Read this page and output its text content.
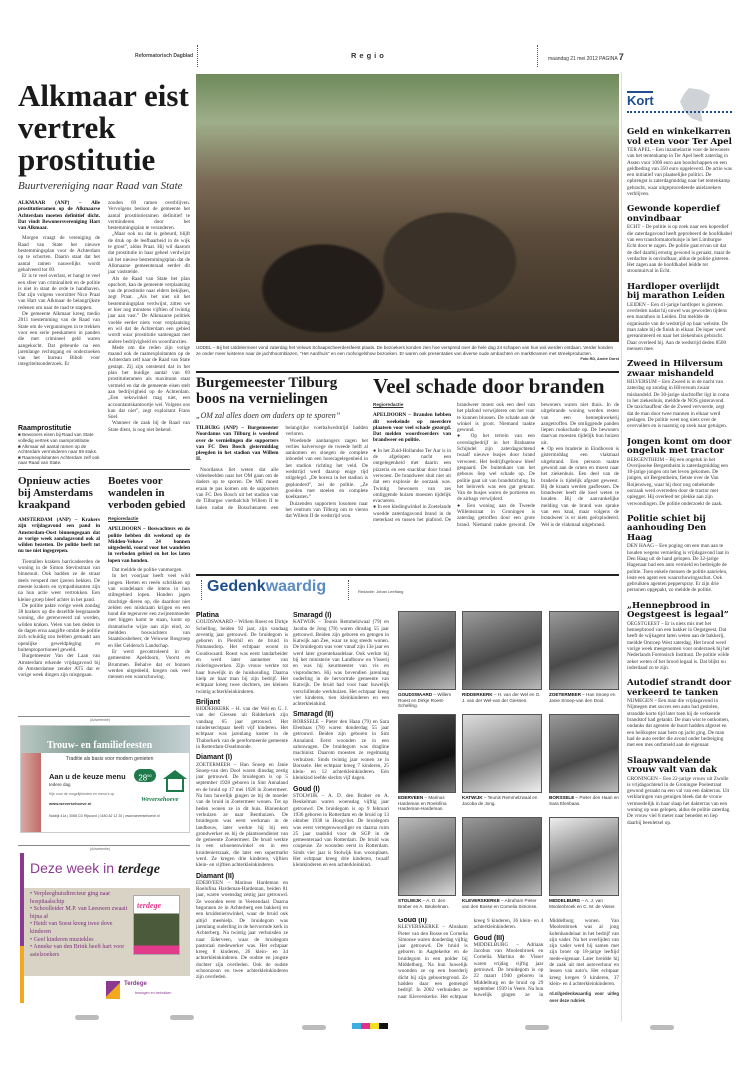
Reformatorisch Dagblad	Regio	maandag 21 mei 2012 PAGINA 7
Alkmaar eist vertrek prostitutie
Buurtvereniging naar Raad van State
ALKMAAR (ANP) – Alle prostitutieramen op de Alkmaarse Achterdam moeten definitief dicht. Dat vindt Bewonersvereniging Hart van Alkmaar.

Morgen vraagt de vereniging de Raad van State het nieuwe bestemmingsplan voor de Achterdam op te schorten. Daarin staat dat het aantal ramen nauwelijks wordt gehalveerd tot 69.

Er is te veel overlast, er hangt te veel een sfeer van criminaliteit en de politie is niet in staat de orde te handhaven. Dat zijn volgens voorzitter Nico Praat van Hart van Alkmaar de belangrijkste redenen om naar de raad te stappen.

De gemeente Alkmaar kreeg medio 2011 toestemming van de Raad van State om de vergunningen in te trekken voor een serie peeskamers in panden die met crimineel geld waren aangekocht. Dat gebeurde na een jarenlange rechtsgang en onderzoeken van het bureau Bibob voor integriteitsonderzoek. Er

Raamprostitutie
■ Bewoners eisen bij Raad van State volledig vertrek van raamprostitutie.
■ Alkmaar wil aantal ramen op de Achterdam verminderen naar 69 stuks.
■ Raamexploitanten Achterdam zelf ook naar Raad van State.

zouden 69 ramen overblijven. Vervolgens besloot de gemeente het aantal prostitutieramen definitief te verminderen door het bestemmingsplan te veranderen.

„Maar ook nu dat is gebeurd, blijft de druk op de leefbaarheid in de wijk te groot”, aldus Praat. Hij wil daarom dat prostitutie in haar geheel verdwijnt uit het nieuwe bestemmingsplan dat de Alkmaarse gemeenteraad eerder dit jaar vaststelde.

Als de Raad van State het plan opschort, kan de gemeente verplaatsing van de prostitutie naar elders bekijken, zegt Praat. „Als het niet uit het bestemmingsplan verdwijnt, zitten we er hier nog minstens vijftien of twintig jaar aan vast.” De Alkmaarse politiek voelde eerder niets voor verplaatsing en wil dat de Achterdam een gebied wordt waar prostitutie samengaat met andere bedrijvigheid en woonfuncties.

Mede om die reden zijn vorige maand ook de raamexploitanten op de Achterdam zelf naar de Raad van State gestapt. Zij zijn ontstemd dat in het plan het huidige aantal van 69 prostitutieramen als maximum staat vermeld en dat de gemeente eisen stelt aan bedrijvigheid op de Achterdam. „Een sekswinkel mag niet, een accountantskantoortje wel. Volgens ons kan dat niet”, zegt exploitant Frans Snel.

Wanneer de zaak bij de Raad van State dient, is nog niet bekend.

Opnieuw acties bij Amsterdams kraakpand
AMSTERDAM (ANP) – Krakers zijn vrijdagavond een pand in Amsterdam-Oost binnengegaan dat ze vorige week zondagavond ook al wilden bezetten. De politie heeft tot nu toe niet ingegrepen.

Tientallen krakers barricadeerden de woning in de Simon Stevinstraat van binnenuit. Ook hadden ze de straat deels versperd met ijzeren hekken. De meeste krakers en sympathisanten zijn na hun actie weer vertrokken. Een kleine groep bleef achter in het pand.

De politie pakte vorige week zondag 38 krakers op die dezelfde leegstaande woning, die gerenoveerd zal worden, wilden kraken. Velen van hen deden in de dagen erna aangifte omdat de politie zich schuldig zou hebben gemaakt aan openlijke geweldpleging en buitenproportioneel geweld.

Burgemeester Van der Laan van Amsterdam erkende vrijdagavond bij de Amsterdamse zender AT5 dat er vorige week dingen zijn misgegaan.

Boetes voor wandelen in verboden gebied
Regioredactie
APELDOORN – Boswachters en de politie hebben dit weekend op de Midden-Veluwe 24 bonnen uitgedeeld, vooral voor het wandelen in verboden gebied en het los laten lopen van honden.

Dat meldde de politie vanmorgen.

In het voorjaar heeft veel wild jongen. Herten en reeën schrikken op van wandelaars die intens in hun stiltegebied lopen. Honden jagen drachtige dieren op, die daardoor niet zelden een miskraam krijgen en een hond die tegenover een zwijnenmoeder met biggen komt te staan, komt op dramatische wijze aan zijn eind, zo meldden boswachters van Staatsbosbeheer, de Veluwse Bosgroep en Het Geldersch Landschap.

Er werd gecontroleerd in de gemeenten Apeldoorn, Voorst en Brummen. Behalve dat er bonnen werden uitgedeeld, kregen ook veel mensen een waarschuwing.

(Advertentie)
Trouw- en familiefeesten
Traditie als basis voor modern genieten
Aan u de keuze menu
Iedere dag
$28^{50}$
Kijk voor de mogelijkheden en menu's op
www.weversehoeve.nl
Weversehoeve
Noldijk 41a | 3068 CD Rijsoord | 0180-62 12 20 | www.weversehoeve.nl
(Advertentie)
Deze week in terdege
• Verpleeghuisdirecteur ging naar hospitaalschip
• Schoolleider M.P. van Leeuwen zwaait bijna af
• Heidi van Soest kreeg twee dove kinderen
• Geef kinderen muziekles
• Anneke van den Brink heeft hart voor asielzoekers
terdege
Terdege
bewogen en betrokken
UDDEL – Bij het Uddelermeer vond zaterdag het Veluws Schaapscheerdersfeest plaats. De bezoekers konden zien hoe verspreid over de hele dag 24 schapen van hun wol werden ontdaan. Verder konden ze onder meer luisteren naar de jachthoornblazen, "Het Aardhuis" en een roofvogelshow bezoeken. Er waren ook presentaties van diverse oude ambachten en marktkramen met streekproducten.
Foto RD, André Dorst
Burgemeester Tilburg boos na vernielingen
„OM zal alles doen om daders op te sporen”
TILBURG (ANP) – Burgemeester Noordanus van Tilburg is woedend over de vernielingen die supporters van FC Den Bosch gistermiddag pleegden in het stadion van Willem II.

Noordanus liet weten dat alle videobeelden naar het OM gaan om de daders op te sporen. De ME moest eraan te pas komen om de supporters van FC Den Bosch uit het stadion van de Tilburgse voetbalclub Willem II te halen nadat de Bosschenaren een belangrijke voetbalwedstrijd hadden verloren.

Woedende aanhangers zagen het verlies halverwege de tweede helft al aankomen en sloegen de complete inboedel van een horecagelegenheid in het stadion richting het veld. De wedstrijd werd daarop enige tijd stilgelegd. „De horeca in het stadion is geplunderd”, zei de politie. „Ze gooiden met stoelen en complete koelkasten.”

Duizenden supporters losomen naar het centrum van Tilburg om te vieren dat Willem II de wedstrijd won.

Veel schade door branden
Regioredactie
APELDOORN – Branden hebben dit weekeinde op meerdere plaatsen voor veel schade gezorgd. Dat melden woordvoerders van brandweer en politie.
● In het Zuid-Hollandse Ter Aar is in de afgelopen nacht een ontgelegenheid met daarin een pizzeria en een snackbar door brand verwoest. De brandweer sluit niet uit dat een explosie de oorzaak was. Twintig bewoners van zes omliggende huizen moesten tijdelijk evacueren.
● In een kledingwinkel in Zoetelande woedde zaterdagavond brand in de meterkast en tussen het plafond. De brandweer moest ook een deel van het plafond verwijderen om het vuur te kunnen blussen. De schade aan de winkel is groot. Niemand raakte gewond.
● Op het terrein van een overslagbedrijf in het Brabantse Schijndel zijn zaterdagochtend twaalf nieuwe busjes door brand verwoest. Het bedrijfsgebouw bleef gespaard. De buitenkant van het gebouw liep wel schade op. De politie gaat uit van brandstichting. In het beloverk was een gat gekrast. Van de busjes waren de portieren en de airbags verwijderd.
● Een woning aan de Tweede Willemstraat in Groningen is zaterdag getroffen door een grote brand. Niemand raakte gewond. De bewoners waren niet thuis. In de uitgebrande woning werden resten van een hennepkwekerij aangetroffen. De omliggende panden liepen rookschade op. De bewoners daarvan moesten tijdelijk hun huizen uit.
● Op een braderie in Eindhoven is gistermiddag een vlakmaal uitgebrand. Een persoon raakte gewond aan de ornen en moest naar het ziekenhuis. Een deel van de braderie is tijdelijk afgezet geweest. Bij de kraam werden gasflessen. De brandweer heeft die koel weten te houden. Bij de aanvankelijke melding van de brand was sprake van een knal, maar volgens de brandweer is er niets geëxplodeerd. Wel is de vlakmaal uitgebrand.
Gedenkwaardig	Redactie: Johan Leeflang
Platina
GOUDSWAARD – Willem Roest en Dirkje Schelling, beiden 92 jaar, zijn vandaag zeventig jaar getrouwd. De bruidegom is geboren in Piershil en de bruid in Numansdorp. Het echtpaar woont in Goudswaard. Roest was eerst landarbeider en werd later aannemer van rioleringswerken. Zijn vrouw werkte tot haar huwelijk in de huishouding. Daarna hielp ze haar man bij zijn bedrijf. Het echtpaar kreeg twee dochters, zes kleinen twintig achterkleinkinderen.
Briljant
RIDDERKERK – H. van der Wel en G. J. van der Giessen uit Ridderkerk zijn vandaag 65 jaar getrouwd. Het tuindersechtpaar heeft vijf kinderen. Het echtpaar was jarenlang koster in de Thaborkerk van de gereformeerde gemeente in Rotterdam-IJsselmonde.
Diamant (I)
ZOETERMEER – Han Snoep en Janie Snoep-van den Dool waren dinsdag zestig jaar getrouwd. De bruidegom is op 5 september 1928 geboren in Sint Annaland en de bruid op 17 mei 1928 in Zoetermeer. Na hun huwelijk gingen ze bij de moeder van de bruid in Zoetermeer wonen. Tot op heden wonen ze in dit huis. Binnenkort verhuizen ze naar Benthuizen. De bruidegom was eerst werkman in de landbouw, later werkte hij bij een grondwerker en bij de plantsoendienst van de gemeente Zoetermeer. De bruid werkte in een schoenenwinkel en in een kruidenierszaak, die later een supermarkt werd. Ze kregen drie kinderen, vijftien klein- en vijftien achterkleinkinderen.
Diamant (II)
EDERVEEN – Marinus Hardeman en Roelofina Hardeman-Hardeman, beiden 81 jaar, waren woensdag zestig jaar getrouwd. Ze woonden eerst in Veenendaal. Daarna begonnen ze in Achterberg een bakkerij en een kruidenierswinkel, waar de bruid ook altijd meehielp. De bruidegom was jarenlang ouderling in de hervormde kerk in Achterberg. Na twintig jaar verhuisden ze naar Ederveen, waar de bruidegom pastoraal medewerker was. Het echtpaar kreeg 8 kinderen, 26 klein- en 34 achterkleinkinderen. De oudste en jongste dochter zijn overleden. Ook de oudste schoonzoon en twee achterkleinkinderen zijn overleden.
Smaragd (I)
KATWIJK – Teunis Remmelzwaal (79) en Jacoba de Jong (78) waren dinsdag 55 jaar getrouwd. Beiden zijn geboren en getogen in Katwijk aan Zee, waar ze nog steeds wonen. De bruidegom was voer vanaf zijn 13e jaar en werd later groentehandelaar. Ook werkte hij bij het ministerie van Landbouw en Visserij en was hij keurmeester van vis en visproducten. Hij was bovendien jarenlang ouderling in de hervormde gemeente van Katwijk. De bruid had voor haar huwelijk verschillende werkhuizen. Het echtpaar kreeg vier kinderen, tien kleinkinderen en een achterkleinkind.
Smaragd (II)
BORSSELE – Pieter den Haan (79) en Sara Elenbaas (78) waren donderdag 55 jaar getrouwd. Beiden zijn geboren in Sint Annaland. Eerst woonden ze in een salonwagen. De bruidegom was dragline machinist. Daarom moesten ze regelmatig verhuizen. Sinds twintig jaar wonen ze in Borssele. Het echtpaar kreeg 7 kinderen, 25 klein- en 12 achterkleinkinderen. Eén kleinkind leefde slechts vijf dagen.
Goud (I)
STOLWIJK – A. D. den Braber en A. Beukelman waren woensdag vijftig jaar getrouwd. De bruidegom is op 9 februari 1936 geboren in Rotterdam en de bruid op 13 oktober 1938 in Hoogvliet. De bruidegom was eerst vertegenwoordiger en daarna ruim 25 jaar raadslid voor de SGP in de gemeenteraad van Rotterdam. De bruid was coupeuse. Ze woonden eerst in Rotterdam. Sinds vier jaar is Stolwijk hun woonplaats. Het echtpaar kreeg drie kinderen, twaalf kleinkinderen en een achterkleinkind.
GOUDSWAARD – Willem Roest en Dirkje Roest-Schelling.
RIDDERKERK – H. van der Wel en G. J. van der Wel-van der Giessen.
ZOETERMEER – Han Snoep en Janie Snoep-van den Dool.
EDERVEEN – Marinus Hardeman en Roelofina Hardeman-Hardeman.
KATWIJK – Teunis Remmelzwaal en Jacoba de Jong.
BORSSELE – Pieter den Haan en Sara Elenbaas.
STOLWIJK – A. D. den Braber en A. Beukelman.
KLEVERSKERKE – Abraham Pieter van den Bosse en Cornelia Simonse.
MIDDELBURG – A. J. van Moolenbroek en C. M. de Visser.
Goud (II)
KLEVERSKERKE – Abraham Pieter van den Bosse en Cornelia Simonse waren donderdag vijftig jaar getrouwd. De bruid is geboren in Aagtekerke en de bruidegom in een polder bij Middelburg. Na hun huwelijk woonden ze op een boerderij dicht bij zijn geboortegrond. Ze hadden daar een gemengd bedrijf. In 2002 verhuisden ze naar Kleverskerke. Het echtpaar kreeg 9 kinderen, 36 klein- en 4 achterkleinkinderen.
Goud (III)
MIDDELBURG – Adriaan Jacobus van Moolenbroek en Cornelia Martina de Visser waren vrijdag vijftig jaar getrouwd. De bruidegom is op 22 maart 1940 geboren in Middelburg en de bruid op 29 september 1939 in Veere. Na hun huwelijk gingen ze in Middelburg wonen. Van Moolenbroek was al jong kolenhandelaar in het bedrijf van zijn vader. Na het overlijden van zijn vader werd hij samen met zijn broer op 18-jarige leeftijd mede-eigenaar. Later breidde hij de zaak uit met autoverhuur en lessen van auto's. Het echtpaar kreeg kregen 9 kinderen, 37 klein- en 4 achterkleinkinderen.
rd.nl/gedenkwaardig voor uitleg over deze rubriek
Kort
Geld en winkelkarren vol eten voor Ter Apel
TER APEL – Een inzamelactie voor de bewoners van het tentenkamp in Ter Apel heeft zaterdag in Assen voor 1000 euro aan boodschappen en een geldbedrag van 350 euro opgeleverd. De actie was een initiatief van plaatselijke politici. De opbrengst is zaterdagmiddag naar het tentenkamp gebracht, waar uitgeprocedeerde asielzoekers verblijven.
Gewonde koperdief onvindbaar
ECHT – De politie is op zoek naar een koperdief die zaterdagavond heeft geprobeerd de hoofdkabel van een transformatorhuisje in het Limburgse Echt door te zagen. De politie gaat ervan uit dat de dief daarbij ernstig gewond is geraakt, maar de verdachte is onvindbaar, aldus de politie gisteren. Het zagen aan de hoofdkabel leidde tot stroomuitval in Echt.
Hardloper overlijdt bij marathon Leiden
LEIDEN – Een 41-jarige hardloper is gisteren overleden nadat hij onwel was geworden tijdens een marathon in Leiden. Dat meldde de organisatie van de wedstrijd op haar website. De man zakte bij de finish in elkaar. De loper werd gereanimeerd en naar het ziekenhuis gebracht. Daar overleed hij. Aan de wedstrijd deden 8500 mensen mee.
Zweed in Hilversum zwaar mishandeld
HILVERSUM – Een Zweed is in de nacht van zaterdag op zondag in Hilversum zwaar mishandeld. De 30-jarige slachtoffer ligt in coma in het ziekenhuis, meldde de NOS gisteravond. De taxichauffeur die de Zweed vervoerde, zegt dat de man door twee mannen in elkaar werd geslagen. De politie weet nog niets over de overvallers en is naarstig op zoek naar getuigen.
Jongen komt om door ongeluk met tractor
BERGENTHEIM – Bij een ongeluk in het Overijsselse Bergentheim is zaterdagmiddag een 10-jarige jongen om het leven gekomen. De jongen, uit Bergentheim, fietste over de Van Roijensweg, waar hij door nog onbekende oorzaak werd overreden door de tractor met oplegger. Hij overleed ter plekke aan zijn verwondingen. De politie onderzoekt de zaak.
Politie schiet bij aanhouding Den Haag
DEN HAAG – Een poging om een man aan te houden wegens vernieling is vrijdagavond laat in Den Haag uit de hand gelopen. De 32-jarige Hagenaar had een auto vernield en bedreigde de politie. Toen enkele mensen de politie aanrielen, loste een agent een waarschuwingsschot. Ook gebruikten agenten pepperspray. Er zijn drie personen opgepakt, zo meldde de politie.
„Hennepbrood in Oegstgeest is legaal”
OEGSTGEEST – Er is niets mis met het hennepbrood van een bakker in Oegstgeest. Dat heeft de wijkagent laten weten aan de bakkerij, meldde Omroep West zaterdag. Het brood werd vorige week meegenomen voor onderzoek bij het Nederlands Forensisch Instituut. De politie wilde zeker weten of het brood legaal is. Dat blijkt nu inderdaad zo te zijn.
Autodief strandt door verkeerd te tanken
NIJMEGEN – Een man die vrijdagavond in Nijmegen met succes een auto had gestolen, strandde korte tijd later toen hij de verkeerde brandstof had getankt. De man wist te ontkomen, ondanks dat agenten de buurt hadden afgezet en een helikopter naar hem op jacht ging. De man had de auto eerder die avond onder bedreiging met een mes ontfutseld aan de eigenaar.
Slaapwandelende vrouw valt van dak
GRONINGEN – Een 22-jarige vrouw uit Zwolle is vrijdagochtend in de Groningse Poelestraat gewond geraakt na een val van een dakterras. Uit verklaringen van getuigen bleek dat de vrouw vermoedelijk in haar slaap het dakterras van een woning op was gelopen, aldus de politie zaterdag. De vrouw viel 8 meter naar beneden en liep daarbij beenletsel op.
